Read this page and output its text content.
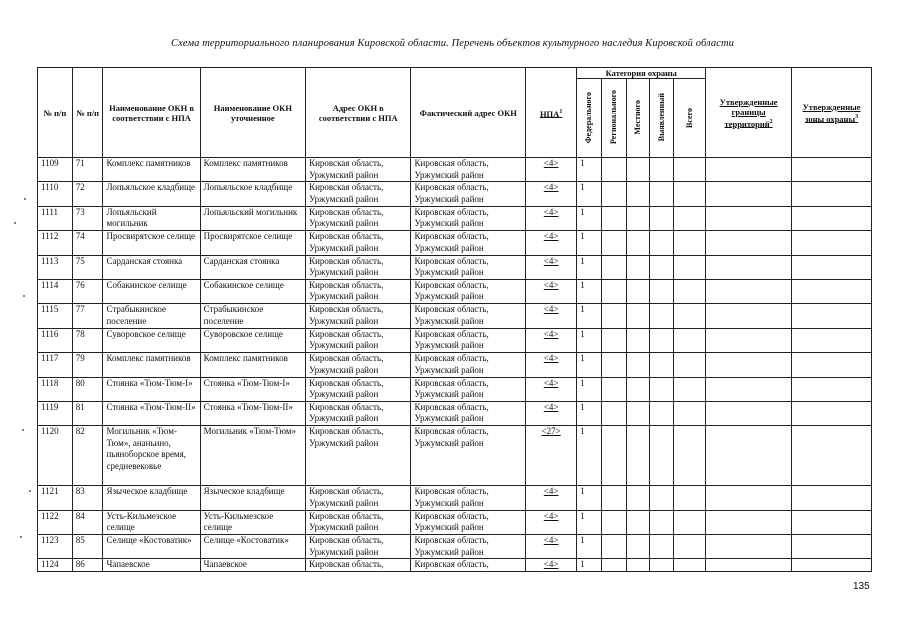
Схема территориального планирования Кировской области. Перечень объектов культурного наследия Кировской области
№ п/п	№ п/п	Наименование ОКН в соответствии с НПА	Наименование ОКН уточненное	Адрес ОКН в соответствии с НПА	Фактический адрес ОКН	НПА$^1$	Категория охраны					Утвержденные границы территорий$^2$	Утвержденные зоны охраны$^3$

							Федерального	Регионального	Местного	Выявленный	Всего		

1109	71	Комплекс памятников	Комплекс памятников	Кировская область, Уржумский район	Кировская область, Уржумский район	<4>	1						
1110	72	Лопьяльское кладбище	Лопьяльское кладбище	Кировская область, Уржумский район	Кировская область, Уржумский район	<4>	1						
1111	73	Лопьяльский могильник	Лопьяльский могильник	Кировская область, Уржумский район	Кировская область, Уржумский район	<4>	1						
1112	74	Просвирятское селище	Просвирятское селище	Кировская область, Уржумский район	Кировская область, Уржумский район	<4>	1						
1113	75	Сарданская стоянка	Сарданская стоянка	Кировская область, Уржумский район	Кировская область, Уржумский район	<4>	1						
1114	76	Собакинское селище	Собакинское селище	Кировская область, Уржумский район	Кировская область, Уржумский район	<4>	1						
1115	77	Страбыкинское поселение	Страбыкинское поселение	Кировская область, Уржумский район	Кировская область, Уржумский район	<4>	1						
1116	78	Суворовское селище	Суворовское селище	Кировская область, Уржумский район	Кировская область, Уржумский район	<4>	1						
1117	79	Комплекс памятников	Комплекс памятников	Кировская область, Уржумский район	Кировская область, Уржумский район	<4>	1						
1118	80	Стоянка «Тюм-Тюм-I»	Стоянка «Тюм-Тюм-I»	Кировская область, Уржумский район	Кировская область, Уржумский район	<4>	1						
1119	81	Стоянка «Тюм-Тюм-II»	Стоянка «Тюм-Тюм-II»	Кировская область, Уржумский район	Кировская область, Уржумский район	<4>	1						
1120	82	Могильник «Тюм-Тюм», ананьино, пьяноборское время, средневековье	Могильник «Тюм-Тюм»	Кировская область, Уржумский район	Кировская область, Уржумский район	<27>	1						
1121	83	Языческое кладбище	Языческое кладбище	Кировская область, Уржумский район	Кировская область, Уржумский район	<4>	1						
1122	84	Усть-Кильмезское селище	Усть-Кильмезское селище	Кировская область, Уржумский район	Кировская область, Уржумский район	<4>	1						
1123	85	Селище «Костоватик»	Селище «Костоватик»	Кировская область, Уржумский район	Кировская область, Уржумский район	<4>	1						
1124	86	Чапаевское	Чапаевское	Кировская область,	Кировская область,	<4>	1						
135
